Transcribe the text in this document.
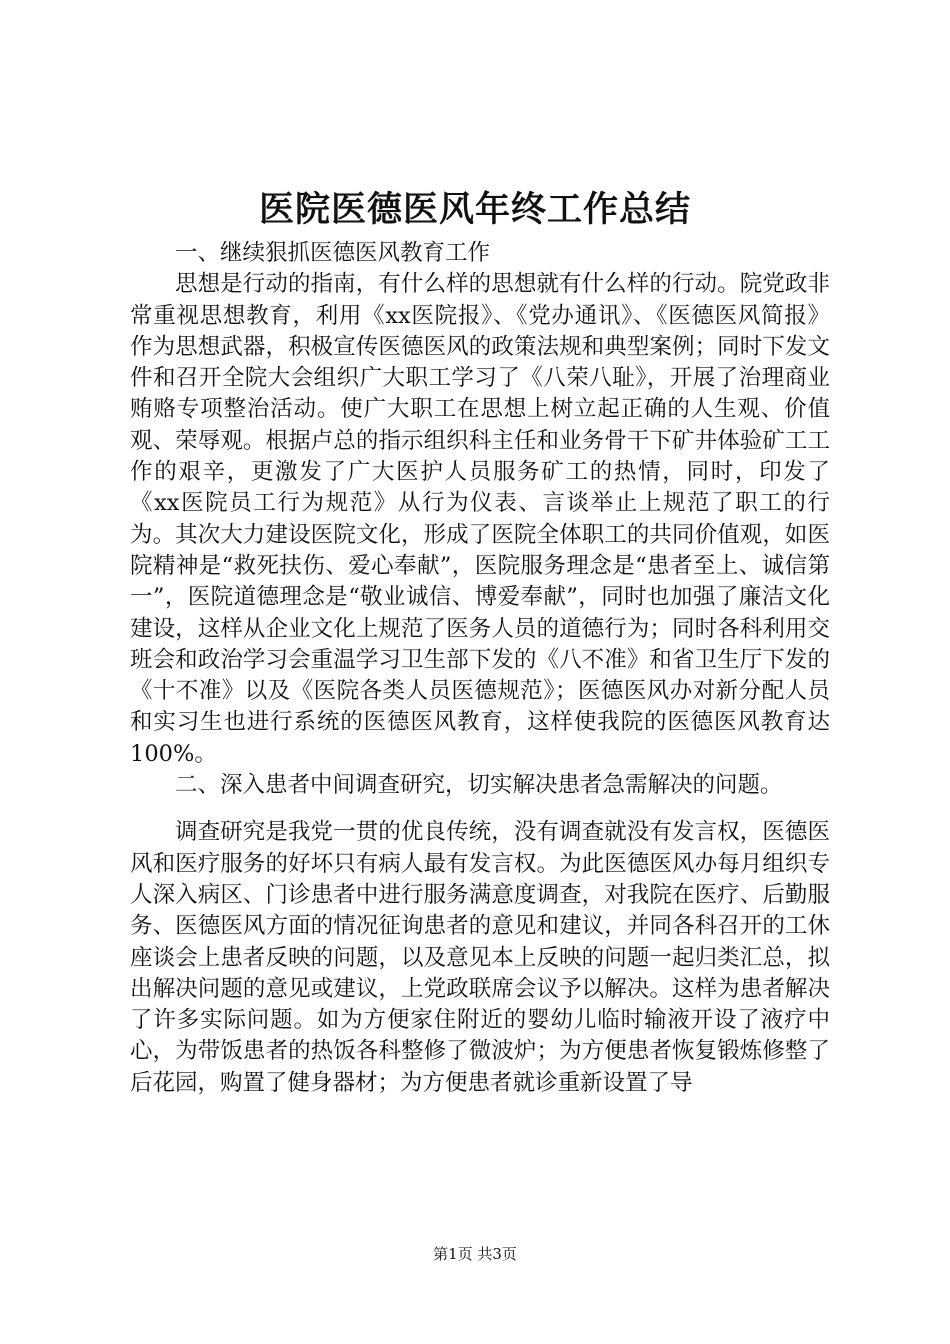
医院医德医风年终工作总结

一、继续狠抓医德医风教育工作

思想是行动的指南，有什么样的思想就有什么样的行动。院党政非常重视思想教育，利用《xx医院报》、《党办通讯》、《医德医风简报》作为思想武器，积极宣传医德医风的政策法规和典型案例；同时下发文件和召开全院大会组织广大职工学习了《八荣八耻》，开展了治理商业贿赂专项整治活动。使广大职工在思想上树立起正确的人生观、价值观、荣辱观。根据卢总的指示组织科主任和业务骨干下矿井体验矿工工作的艰辛，更激发了广大医护人员服务矿工的热情，同时，印发了《xx医院员工行为规范》从行为仪表、言谈举止上规范了职工的行为。其次大力建设医院文化，形成了医院全体职工的共同价值观，如医院精神是“救死扶伤、爱心奉献”，医院服务理念是“患者至上、诚信第一”，医院道德理念是“敬业诚信、博爱奉献”，同时也加强了廉洁文化建设，这样从企业文化上规范了医务人员的道德行为；同时各科利用交班会和政治学习会重温学习卫生部下发的《八不准》和省卫生厅下发的《十不准》以及《医院各类人员医德规范》；医德医风办对新分配人员和实习生也进行系统的医德医风教育，这样使我院的医德医风教育达100%。

二、深入患者中间调查研究，切实解决患者急需解决的问题。

调查研究是我党一贯的优良传统，没有调查就没有发言权，医德医风和医疗服务的好坏只有病人最有发言权。为此医德医风办每月组织专人深入病区、门诊患者中进行服务满意度调查，对我院在医疗、后勤服务、医德医风方面的情况征询患者的意见和建议，并同各科召开的工休座谈会上患者反映的问题，以及意见本上反映的问题一起归类汇总，拟出解决问题的意见或建议，上党政联席会议予以解决。这样为患者解决了许多实际问题。如为方便家住附近的婴幼儿临时输液开设了液疗中心，为带饭患者的热饭各科整修了微波炉；为方便患者恢复锻炼修整了后花园，购置了健身器材；为方便患者就诊重新设置了导

第1页 共3页
